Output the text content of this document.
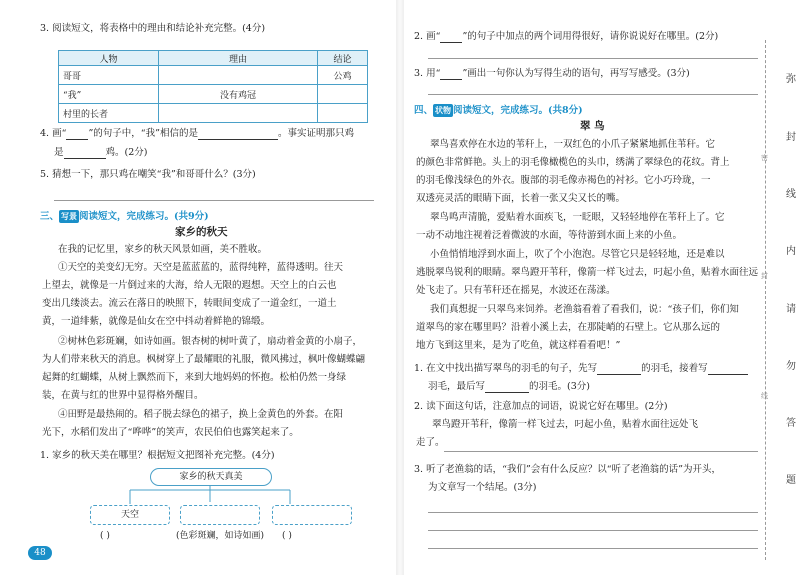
3. 阅读短文，将表格中的理由和结论补充完整。(4分)
人物	理由	结论
哥哥		公鸡
“我”	没有鸡冠	
村里的长者		
4. 画“ ”的句子中，“我”相信的是	。事实证明那只鸡
是	鸡。(2分)
5. 猜想一下，那只鸡在嘲笑“我”和哥哥什么？(3分)
三、 写景 阅读短文，完成练习。(共9分)
家乡的秋天
在我的记忆里，家乡的秋天风景如画，美不胜收。
①天空的美变幻无穷。天空是蓝蓝蓝的，蓝得纯粹，蓝得透明。往天
上望去，就像是一片倒过来的大海，给人无限的遐想。天空上的白云也
变出几缕淡去。流云在落日的映照下，转眼间变成了一道金红，一道土
黄，一道绯紫，就像是仙女在空中抖动着鲜艳的锦缎。
②树林色彩斑斓，如诗如画。银杏树的树叶黄了，扇动着金黄的小扇子，
为人们带来秋天的消息。枫树穿上了最耀眼的礼服，微风拂过，枫叶像蝴蝶翩
起舞的红蝴蝶，从树上飘然而下，来到大地妈妈的怀抱。松柏仍然一身绿
装，在黄与红的世界中显得格外醒目。
④田野是最热闹的。稻子脱去绿色的裙子，换上金黄色的外套。在阳
光下，水稻们发出了“哗哗”的笑声，农民伯伯也露笑起来了。
1. 家乡的秋天美在哪里？根据短文把图补充完整。(4分)
家乡的秋天真美
天空
( )	(色彩斑斓，如诗如画) ( )
48
2. 画“ ”的句子中加点的两个词用得很好，请你说说好在哪里。(2分)
3. 用“ ”画出一句你认为写得生动的语句，再写写感受。(3分)
四、 状物 阅读短文，完成练习。(共8分)
翠 鸟
翠鸟喜欢停在水边的苇秆上，一双红色的小爪子紧紧地抓住苇秆。它
的颜色非常鲜艳。头上的羽毛像橄榄色的头巾，绣满了翠绿色的花纹。背上
的羽毛像浅绿色的外衣。腹部的羽毛像赤褐色的衬衫。它小巧玲珑，一
双透亮灵活的眼睛下面，长着一张又尖又长的嘴。
翠鸟鸣声清脆，爱贴着水面疾飞，一眨眼，又轻轻地停在苇秆上了。它
一动不动地注视着泛着微波的水面，等待游到水面上来的小鱼。
小鱼悄悄地浮到水面上，吹了个小泡泡。尽管它只是轻轻地，还是难以
逃脱翠鸟锐利的眼睛。翠鸟蹬开苇秆，像箭一样飞过去，叼起小鱼，贴着水面往远
处飞走了。只有苇秆还在摇晃，水波还在荡漾。
我们真想捉一只翠鸟来饲养。老渔翁看着了看我们，说：“孩子们，你们知
道翠鸟的家在哪里吗？沿着小溪上去，在那陡峭的石壁上。它从那么远的
地方飞到这里来，是为了吃鱼，就这样看看吧！”
1. 在文中找出描写翠鸟的羽毛的句子，先写	的羽毛，接着写
羽毛，最后写	的羽毛。(3分)
2. 读下面这句话，注意加点的词语，说说它好在哪里。(2分)
翠鸟蹬开苇秆，像箭一样飞过去，叼起小鱼，贴着水面往远处飞
走了。
3. 听了老渔翁的话，“我们”会有什么反应？以“听了老渔翁的话”为开头，
为文章写一个结尾。(3分)
弥
封
线
内
请
勿
答
题
密
封
线
